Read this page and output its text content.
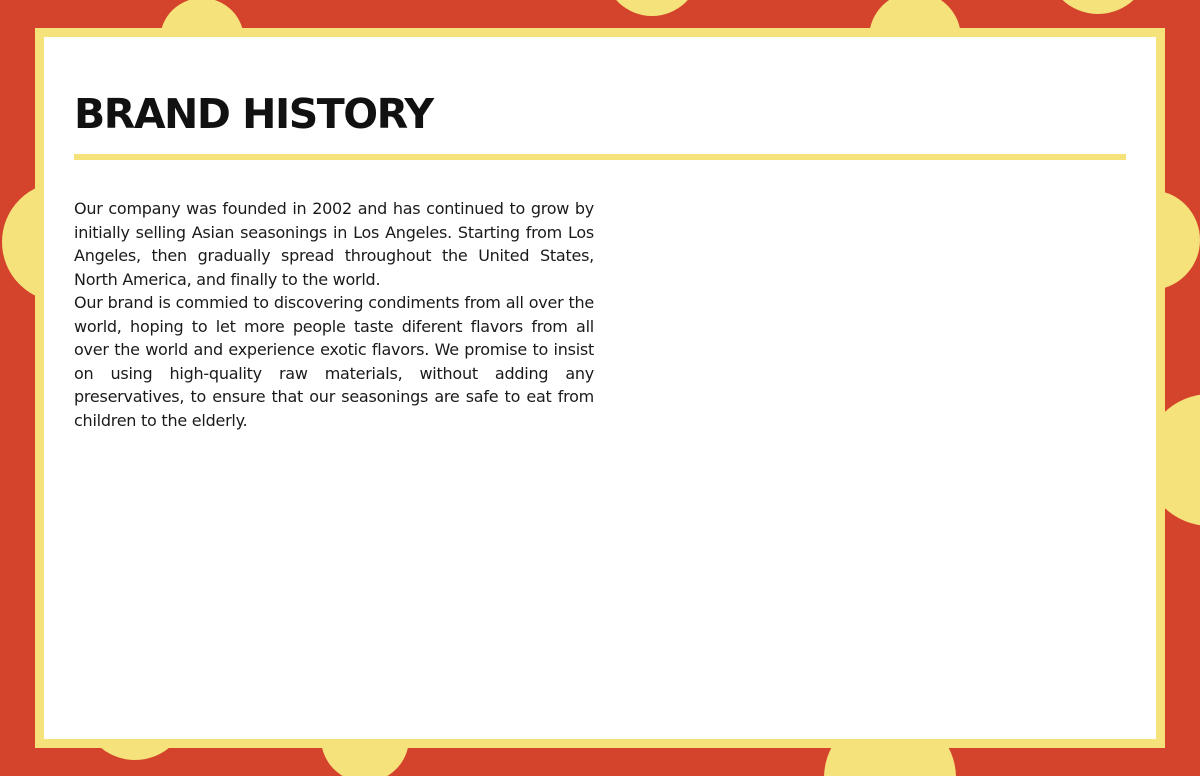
BRAND HISTORY

Our company was founded in 2002 and has continued to grow by initially selling Asian seasonings in Los Angeles. Starting from Los Angeles, then gradually spread throughout the United States, North America, and finally to the world.

Our brand is commied to discovering condiments from all over the world, hoping to let more people taste diferent flavors from all over the world and experience exotic flavors. We promise to insist on using high-quality raw materials, without adding any preservatives, to ensure that our seasonings are safe to eat from children to the elderly.
